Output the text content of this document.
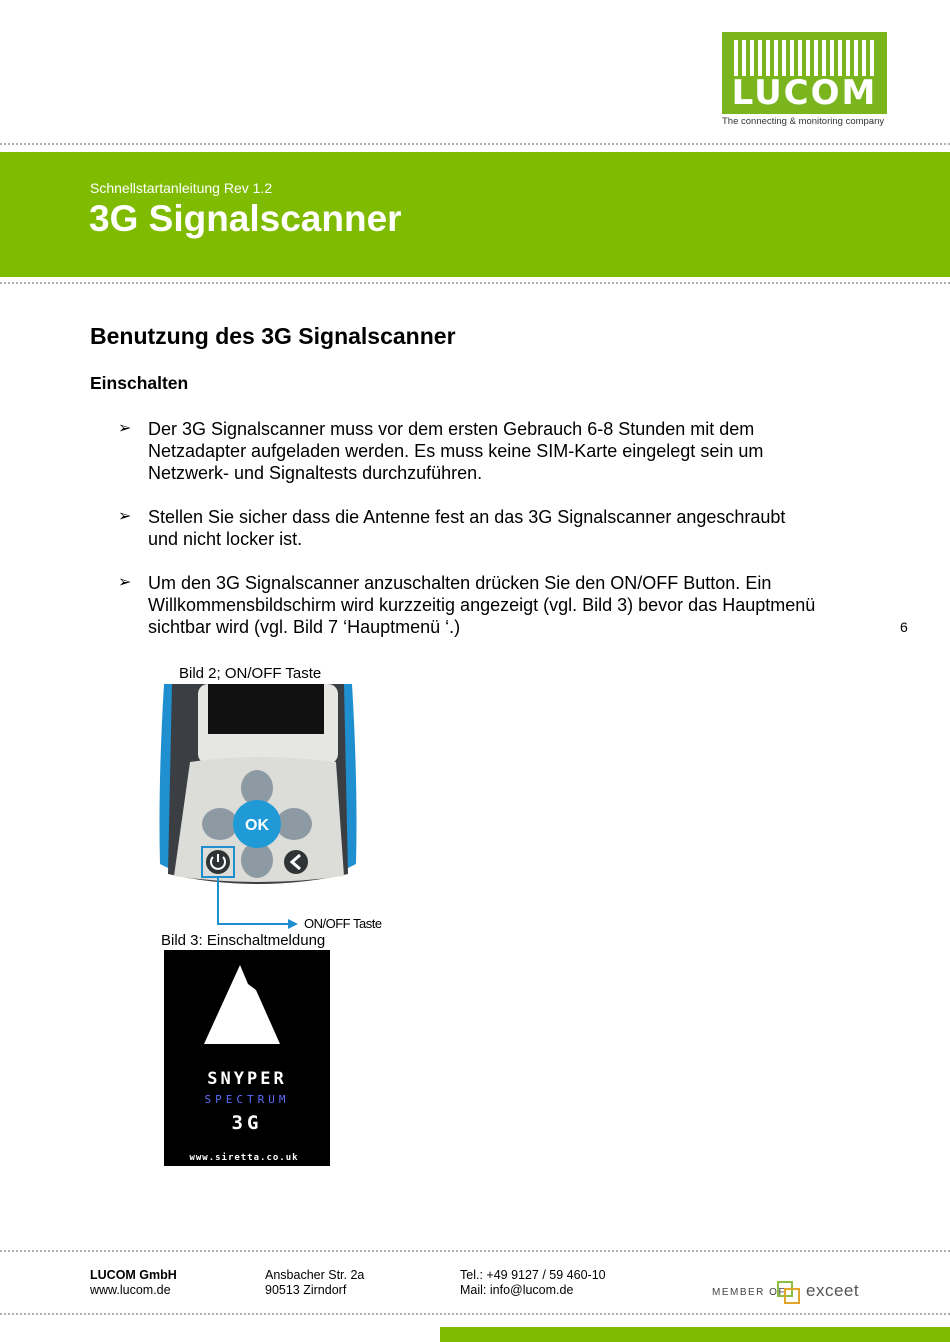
LUCOM
The connecting & monitoring company
Schnellstartanleitung Rev 1.2
3G Signalscanner
Benutzung des 3G Signalscanner
Einschalten
➢ Der 3G Signalscanner muss vor dem ersten Gebrauch 6-8 Stunden mit dem
Netzadapter aufgeladen werden. Es muss keine SIM-Karte eingelegt sein um
Netzwerk- und Signaltests durchzuführen.
➢ Stellen Sie sicher dass die Antenne fest an das 3G Signalscanner angeschraubt
und nicht locker ist.
➢ Um den 3G Signalscanner anzuschalten drücken Sie den ON/OFF Button. Ein
Willkommensbildschirm wird kurzzeitig angezeigt (vgl. Bild 3) bevor das Hauptmenü
sichtbar wird (vgl. Bild 7 ‘Hauptmenü ‘.)	6
Bild 2; ON/OFF Taste
OK
ON/OFF Taste
Bild 3: Einschaltmeldung
SNYPER
SPECTRUM
3G
www.siretta.co.uk
LUCOM GmbH
www.lucom.de
Ansbacher Str. 2a
90513 Zirndorf
Tel.: +49 9127 / 59 460-10
Mail: info@lucom.de	MEMBER OF exceet
